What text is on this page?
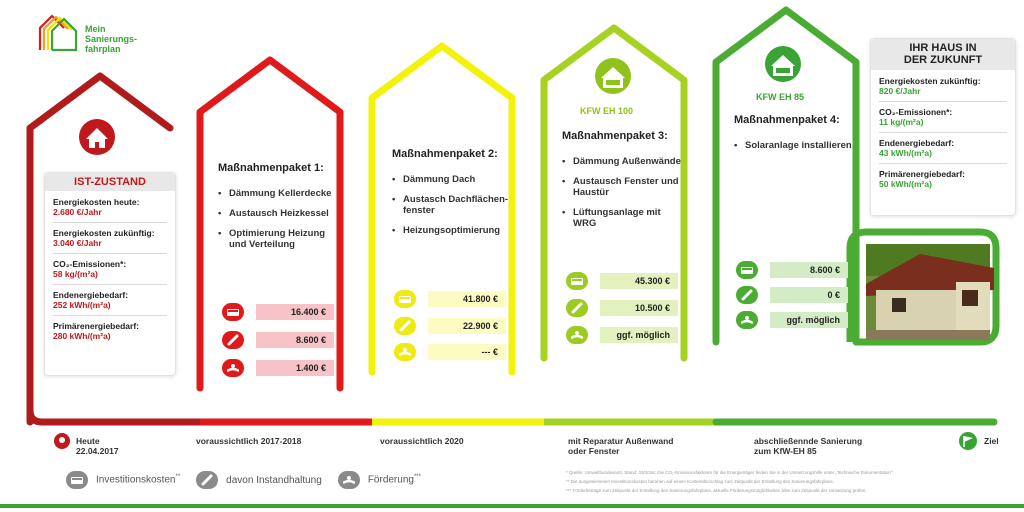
Mein
Sanierungs-
fahrplan
IST-ZUSTAND
Energiekosten heute:
2.680 €/Jahr
Energiekosten zukünftig:
3.040 €/Jahr
CO₂-Emissionen*:
58 kg/(m²a)
Endenergiebedarf:
252 kWh/(m²a)
Primärenergiebedarf:
280 kWh/(m²a)
Maßnahmenpaket 1:
• Dämmung Kellerdecke
• Austausch Heizkessel
• Optimierung Heizung und Verteilung
16.400 €
8.600 €
1.400 €
Maßnahmenpaket 2:
• Dämmung Dach
• Austasch Dachflächen-fenster
• Heizungsoptimierung
41.800 €
22.900 €
--- €
KFW EH 100
Maßnahmenpaket 3:
• Dämmung Außenwände
• Austausch Fenster und Haustür
• Lüftungsanlage mit WRG
45.300 €
10.500 €
ggf. möglich
KFW EH 85
Maßnahmenpaket 4:
• Solaranlage installieren
8.600 €
0 €
ggf. möglich
IHR HAUS IN
DER ZUKUNFT
Energiekosten zukünftig:
820 €/Jahr
CO₂-Emissionen*:
11 kg/(m²a)
Endenergiebedarf:
43 kWh/(m²a)
Primärenergiebedarf:
50 kWh/(m²a)
Heute
22.04.2017
voraussichtlich 2017-2018	voraussichtlich 2020	mit Reparatur Außenwand
oder Fenster
abschließennde Sanierung
zum KfW-EH 85
Ziel
Investitionskosten**	davon Instandhaltung	Förderung***
* Quelle: Umweltbundesamt, Stand: 03/2016; Die CO₂-Emissionsfaktoren für die Energieträger finden Sie in der Umsetzungshilfe unter „Technische Dokumentation"
** Die ausgewiesenen Investitionskosten beruhen auf einem Kostenüberschlag zum Zeitpunkt der Erstellung des Sanierungsfahrplans.
*** Förderbeträge zum Zeitpunkt der Erstellung des Sanierungsfahrplans, aktuelle Förderungsmöglichkeiten bitte zum Zeitpunkt der Umsetzung prüfen.
